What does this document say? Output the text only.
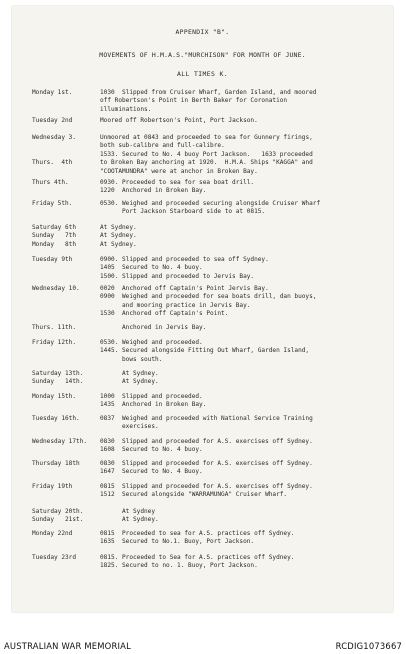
APPENDIX "B".
MOVEMENTS OF H.M.A.S."MURCHISON" FOR MONTH OF JUNE.
ALL TIMES K.
Monday 1st.	1030 Slipped from Cruiser Wharf, Garden Island, and moored
off Robertson's Point in Berth Baker for Coronation
illuminations.
Tuesday 2nd	Moored off Robertson's Point, Port Jackson.
Wednesday 3.	Unmoored at 0843 and proceeded to sea for Gunnery firings,
both sub-calibre and full-calibre.
1533. Secured to No. 4 buoy Port Jackson.   1633 proceeded
Thurs.  4th	to Broken Bay anchoring at 1920.  H.M.A. Ships "KAGGA" and
"COOTAMUNDRA" were at anchor in Broken Bay.
Thurs 4th.	0930. Proceeded to sea for sea boat drill.
1220 Anchored in Broken Bay.
Friday 5th.	0530. Weighed and proceeded securing alongside Cruiser Wharf
Port Jackson Starboard side to at 0815.
Saturday 6th	At Sydney.
Sunday   7th	At Sydney.
Monday   8th	At Sydney.
Tuesday 9th	0900. Slipped and proceeded to sea off Sydney.
1405 Secured to No. 4 buoy.
1500. Slipped and proceeded to Jervis Bay.
Wednesday 10.	0020 Anchored off Captain's Point Jervis Bay.
0900 Weighed and proceeded for sea boats drill, dan buoys,
and mooring practice in Jervis Bay.
1530 Anchored off Captain's Point.
Thurs. 11th.	Anchored in Jervis Bay.
Friday 12th.	0530. Weighed and proceeded.
1445. Secured alongside Fitting Out Wharf, Garden Island,
bows south.
Saturday 13th.	At Sydney.
Sunday   14th.	At Sydney.
Monday 15th.	1000 Slipped and proceeded.
1435 Anchored in Broken Bay.
Tuesday 16th.	0837 Weighed and proceeded with National Service Training
exercises.
Wednesday 17th. 0830 Slipped and proceeded for A.S. exercises off Sydney.
1608 Secured to No. 4 buoy.
Thursday 18th	0830 Slipped and proceeded for A.S. exercises off Sydney.
1647 Secured to No. 4 Buoy.
Friday 19th	0815 Slipped and proceeded for A.S. exercises off Sydney.
1512 Secured alongside "WARRAMUNGA" Cruiser Wharf.
Saturday 20th.	At Sydney
Sunday   21st.	At Sydney.
Monday 22nd	0815 Proceeded to sea for A.S. practices off Sydney.
1635 Secured to No.1. Buoy, Port Jackson.
Tuesday 23rd	0815. Proceeded to Sea for A.S. practices off Sydney.
1825. Secured to no. 1. Buoy, Port Jackson.
AUSTRALIAN WAR MEMORIAL	RCDIG1073667
